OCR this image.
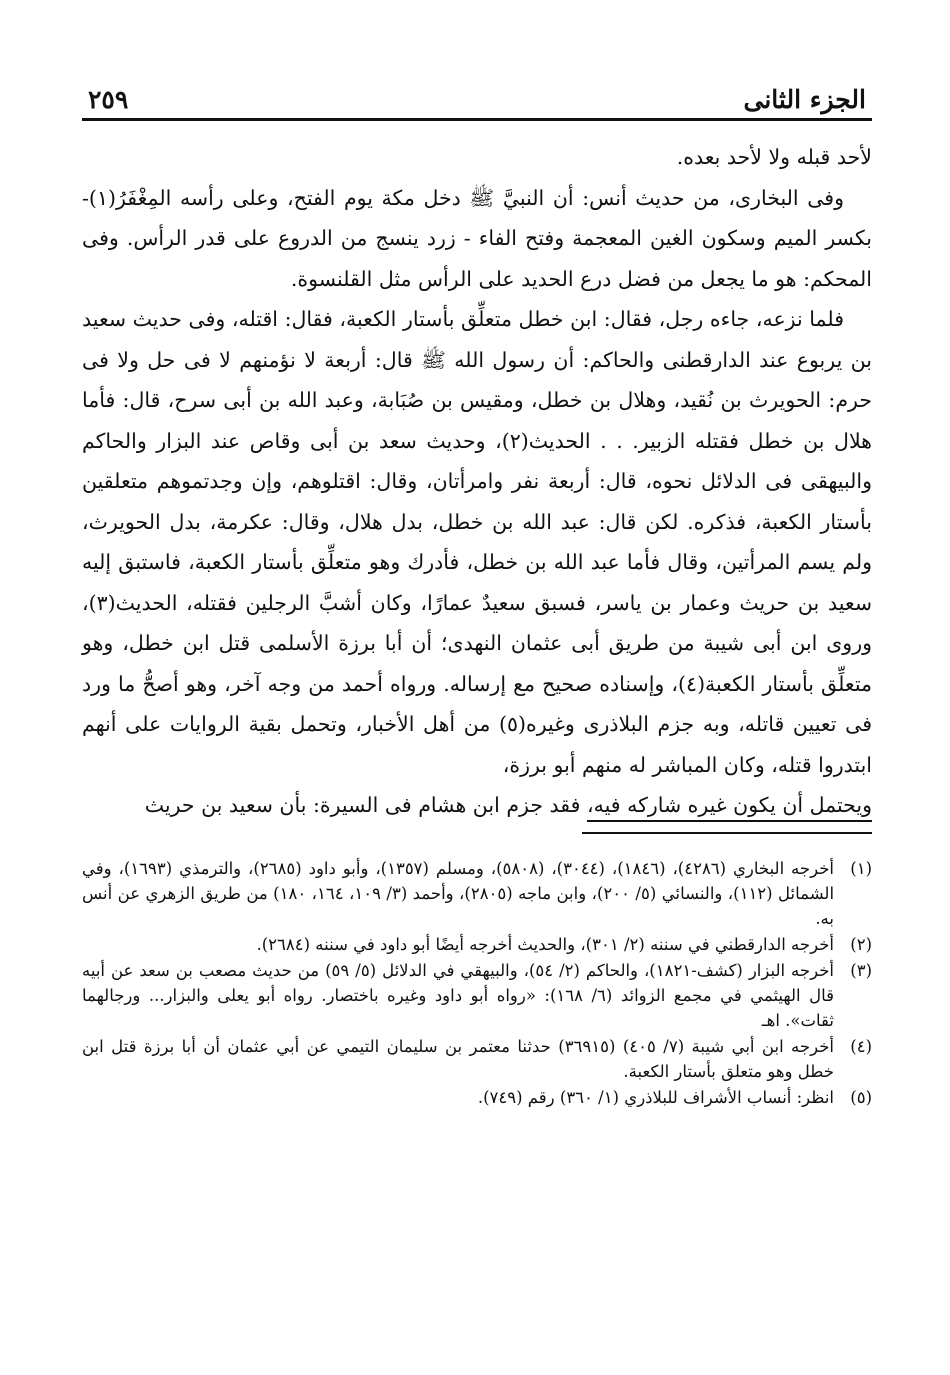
الجزء الثانى
٢٥٩

لأحد قبله ولا لأحد بعده.

وفى البخارى، من حديث أنس: أن النبيَّ ﷺ دخل مكة يوم الفتح، وعلى رأسه المِغْفَرُ(١)- بكسر الميم وسكون الغين المعجمة وفتح الفاء - زرد ينسج من الدروع على قدر الرأس. وفى المحكم: هو ما يجعل من فضل درع الحديد على الرأس مثل القلنسوة.

فلما نزعه، جاءه رجل، فقال: ابن خطل متعلِّق بأستار الكعبة، فقال: اقتله، وفى حديث سعيد بن يربوع عند الدارقطنى والحاكم: أن رسول الله ﷺ قال: أربعة لا نؤمنهم لا فى حل ولا فى حرم: الحويرث بن نُقيد، وهلال بن خطل، ومقيس بن صُبَابة، وعبد الله بن أبى سرح، قال: فأما هلال بن خطل فقتله الزبير. . . الحديث(٢)، وحديث سعد بن أبى وقاص عند البزار والحاكم والبيهقى فى الدلائل نحوه، قال: أربعة نفر وامرأتان، وقال: اقتلوهم، وإن وجدتموهم متعلقين بأستار الكعبة، فذكره. لكن قال: عبد الله بن خطل، بدل هلال، وقال: عكرمة، بدل الحويرث، ولم يسم المرأتين، وقال فأما عبد الله بن خطل، فأدرك وهو متعلِّق بأستار الكعبة، فاستبق إليه سعيد بن حريث وعمار بن ياسر، فسبق سعيدٌ عمارًا، وكان أشبَّ الرجلين فقتله، الحديث(٣)، وروى ابن أبى شيبة من طريق أبى عثمان النهدى؛ أن أبا برزة الأسلمى قتل ابن خطل، وهو متعلِّق بأستار الكعبة(٤)، وإسناده صحيح مع إرساله. ورواه أحمد من وجه آخر، وهو أصحُّ ما ورد فى تعيين قاتله، وبه جزم البلاذرى وغيره(٥) من أهل الأخبار، وتحمل بقية الروايات على أنهم ابتدروا قتله، وكان المباشر له منهم أبو برزة،
ويحتمل أن يكون غيره شاركه فيه، فقد جزم ابن هشام فى السيرة: بأن سعيد بن حريث

(١)
أخرجه البخاري (٤٢٨٦)، (١٨٤٦)، (٣٠٤٤)، (٥٨٠٨)، ومسلم (١٣٥٧)، وأبو داود (٢٦٨٥)، والترمذي (١٦٩٣)، وفي الشمائل (١١٢)، والنسائي (٥/ ٢٠٠)، وابن ماجه (٢٨٠٥)، وأحمد (٣/ ١٠٩، ١٦٤، ١٨٠) من طريق الزهري عن أنس به.
(٢)
أخرجه الدارقطني في سننه (٢/ ٣٠١)، والحديث أخرجه أيضًا أبو داود في سننه (٢٦٨٤).
(٣)
أخرجه البزار (كشف-١٨٢١)، والحاكم (٢/ ٥٤)، والبيهقي في الدلائل (٥/ ٥٩) من حديث مصعب بن سعد عن أبيه قال الهيثمي في مجمع الزوائد (٦/ ١٦٨): «رواه أبو داود وغيره باختصار. رواه أبو يعلى والبزار... ورجالهما ثقات». اهـ
(٤)
أخرجه ابن أبي شيبة (٧/ ٤٠٥) (٣٦٩١٥) حدثنا معتمر بن سليمان التيمي عن أبي عثمان أن أبا برزة قتل ابن خطل وهو متعلق بأستار الكعبة.
(٥)
انظر: أنساب الأشراف للبلاذري (١/ ٣٦٠) رقم (٧٤٩).
